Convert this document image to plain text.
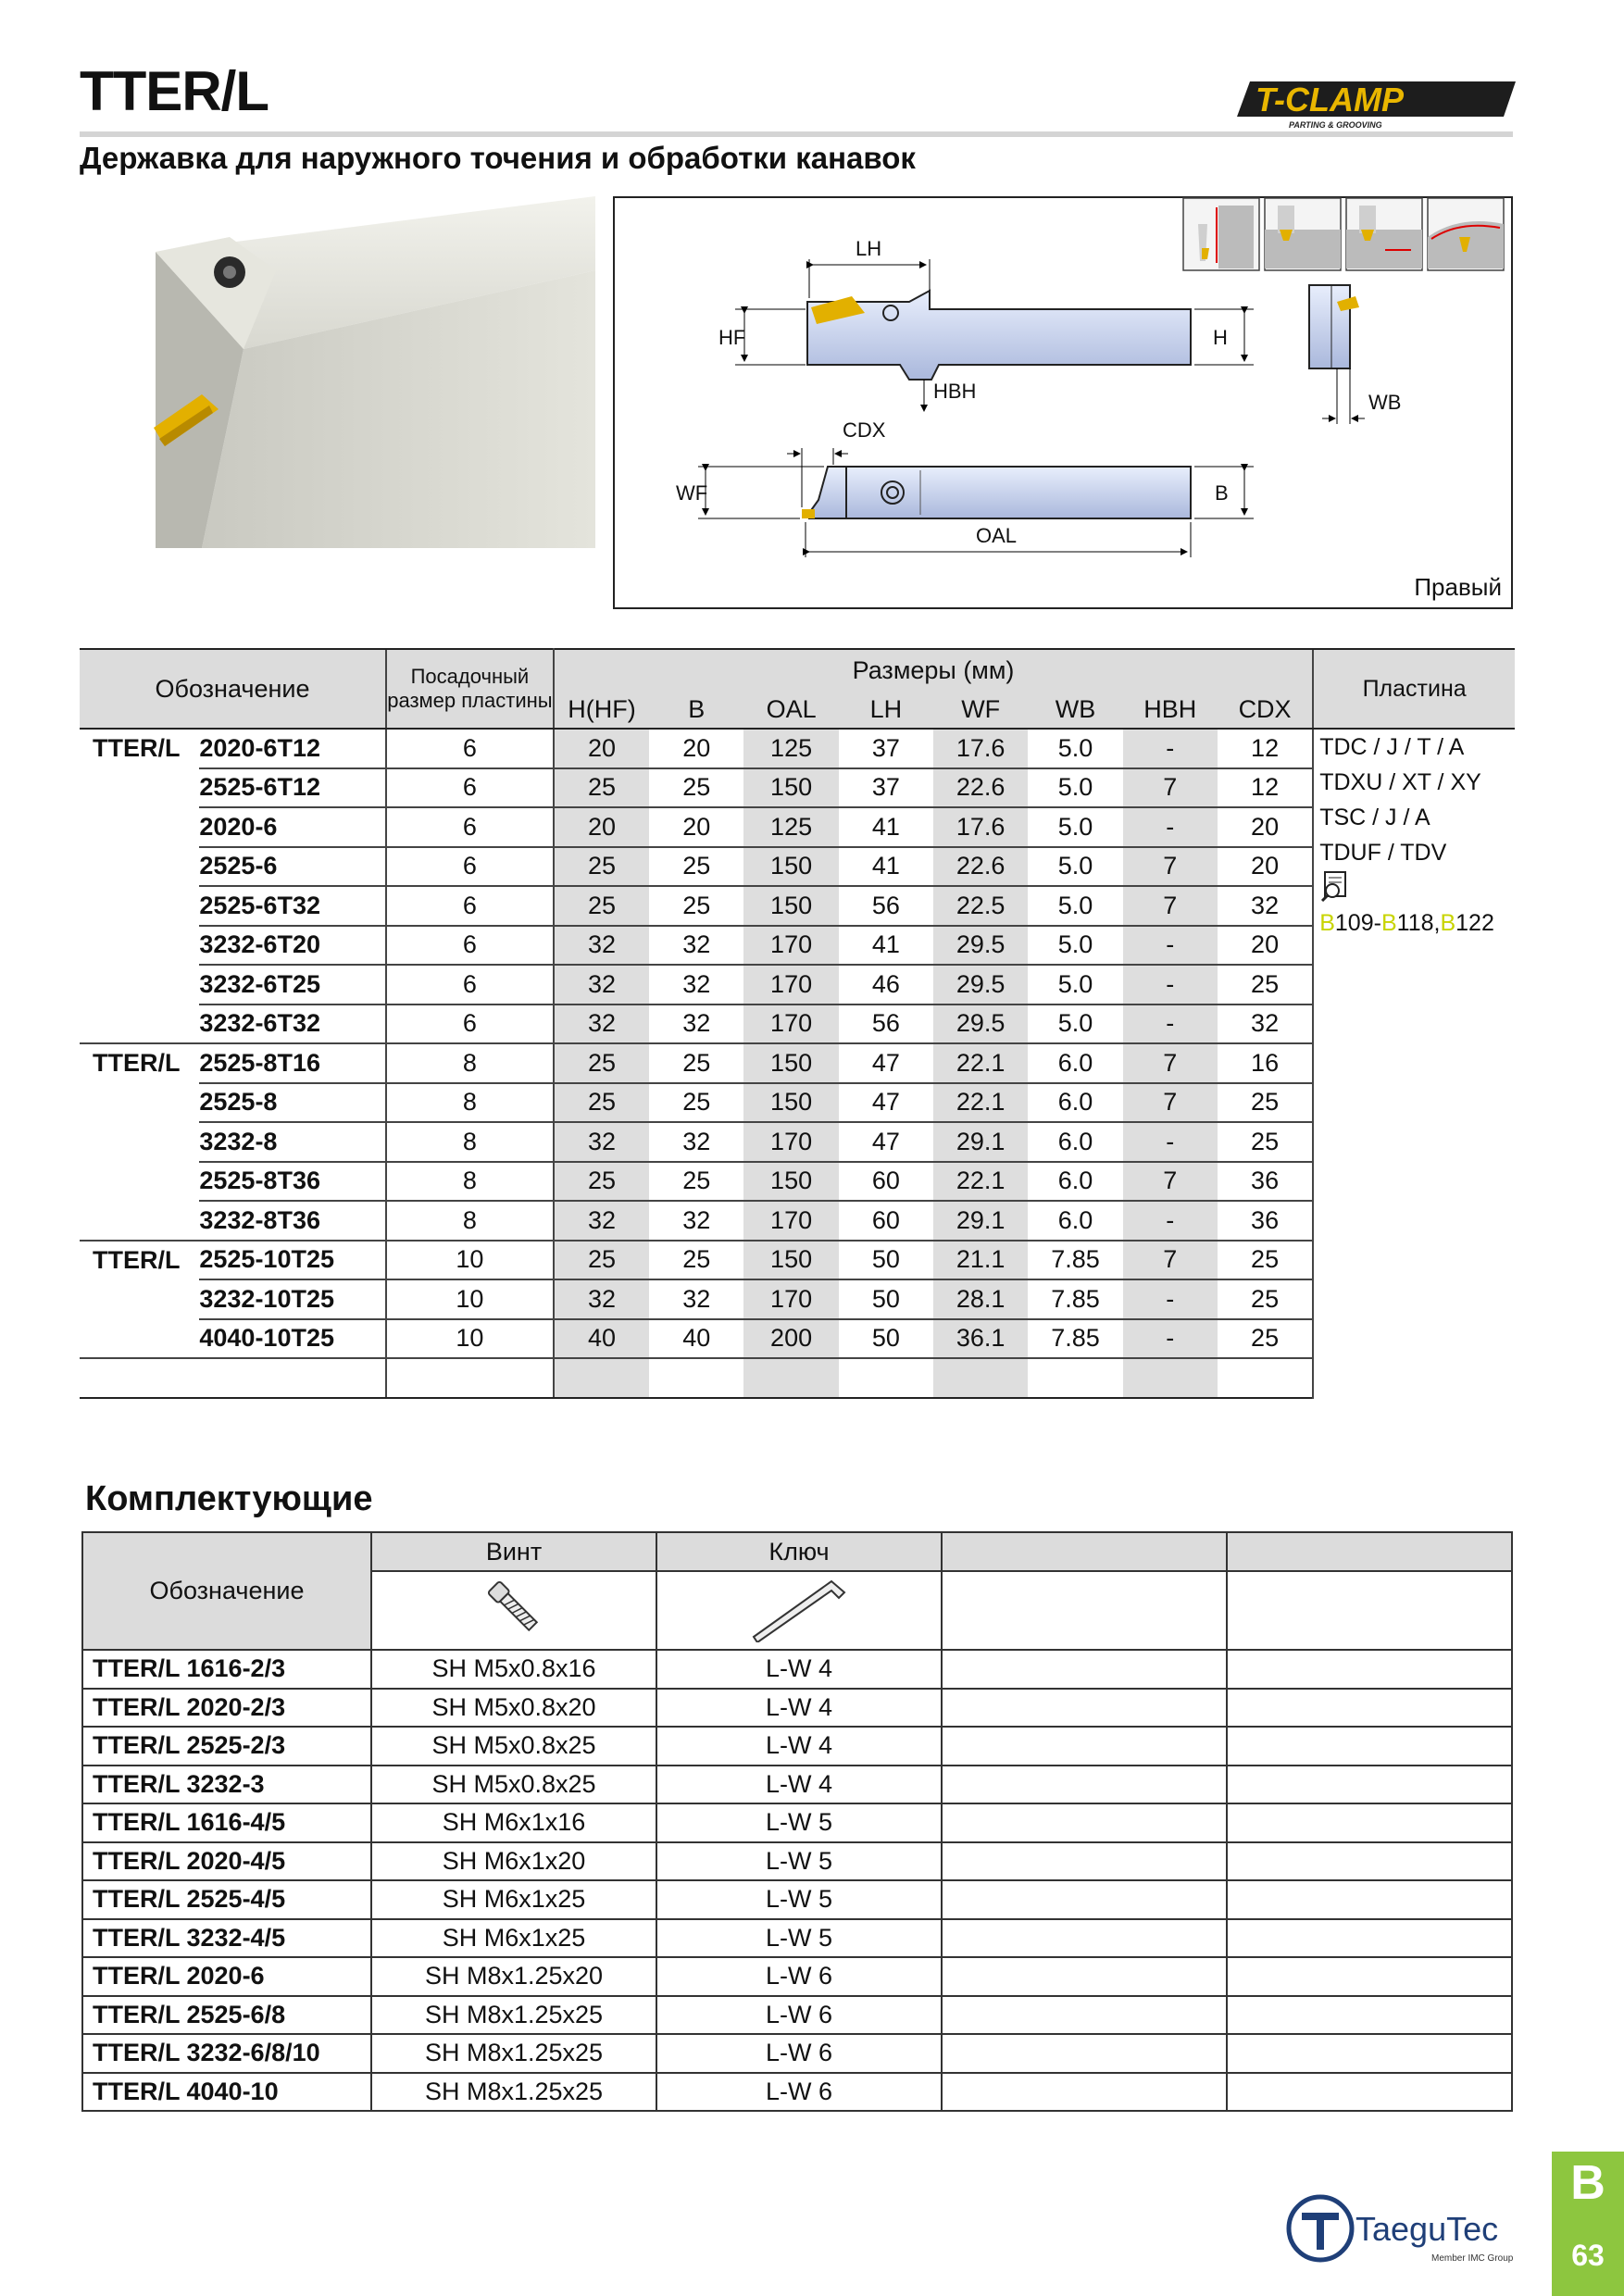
TTER/L
Державка для наружного точения и обработки канавок
T-CLAMP
PARTING & GROOVING
LH
HF	H
HBH	WB
CDX
WF	B
OAL
Правый
Обозначение		Посадочный
размер пластины	Размеры (мм)								Пластина
			H(HF)	B	OAL	LH	WF	WB	HBH	CDX	
TTER/L	2020-6T12	6	20	20	125	37	17.6	5.0	-	12	TDC / J / T / A
TDXU / XT / XY
TSC / J / A
TDUF / TDV
B109-B118,B122

	2525-6T12	6	25	25	150	37	22.6	5.0	7	12	
	2020-6	6	20	20	125	41	17.6	5.0	-	20	
	2525-6	6	25	25	150	41	22.6	5.0	7	20	
	2525-6T32	6	25	25	150	56	22.5	5.0	7	32	
	3232-6T20	6	32	32	170	41	29.5	5.0	-	20	
	3232-6T25	6	32	32	170	46	29.5	5.0	-	25	
	3232-6T32	6	32	32	170	56	29.5	5.0	-	32	
TTER/L	2525-8T16	8	25	25	150	47	22.1	6.0	7	16	
	2525-8	8	25	25	150	47	22.1	6.0	7	25	
	3232-8	8	32	32	170	47	29.1	6.0	-	25	
	2525-8T36	8	25	25	150	60	22.1	6.0	7	36	
	3232-8T36	8	32	32	170	60	29.1	6.0	-	36	
TTER/L	2525-10T25	10	25	25	150	50	21.1	7.85	7	25	
	3232-10T25	10	32	32	170	50	28.1	7.85	-	25	
	4040-10T25	10	40	40	200	50	36.1	7.85	-	25	

Комплектующие
Обозначение	Винт	Ключ		

TTER/L 1616-2/3	SH M5x0.8x16	L-W 4		
TTER/L 2020-2/3	SH M5x0.8x20	L-W 4		
TTER/L 2525-2/3	SH M5x0.8x25	L-W 4		
TTER/L 3232-3	SH M5x0.8x25	L-W 4		
TTER/L 1616-4/5	SH M6x1x16	L-W 5		
TTER/L 2020-4/5	SH M6x1x20	L-W 5		
TTER/L 2525-4/5	SH M6x1x25	L-W 5		
TTER/L 3232-4/5	SH M6x1x25	L-W 5		
TTER/L 2020-6	SH M8x1.25x20	L-W 6		
TTER/L 2525-6/8	SH M8x1.25x25	L-W 6		
TTER/L 3232-6/8/10	SH M8x1.25x25	L-W 6		
TTER/L 4040-10	SH M8x1.25x25	L-W 6		
TaeguTec
Member IMC Group
B
63
